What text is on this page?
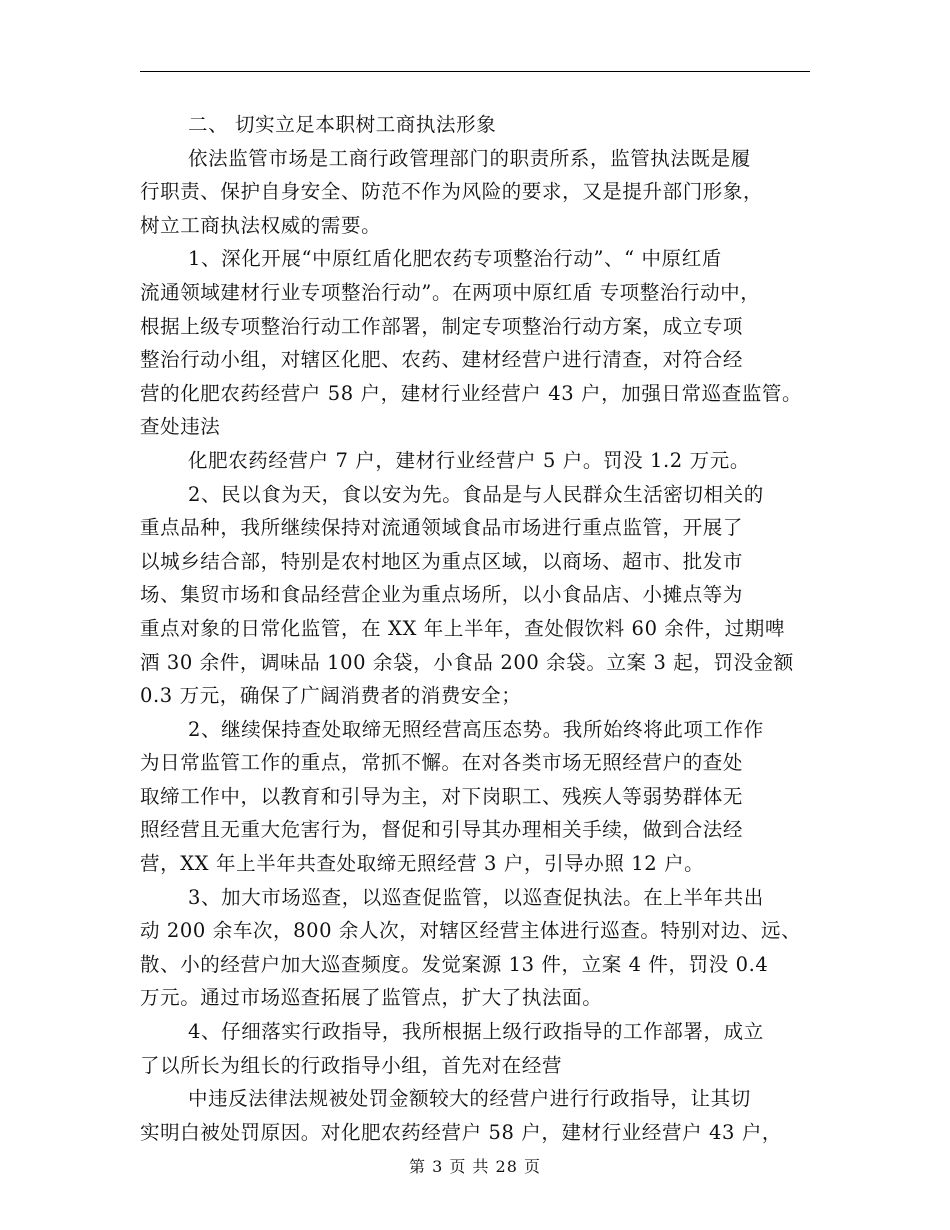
二、 切实立足本职树工商执法形象
依法监管市场是工商行政管理部门的职责所系，监管执法既是履
行职责、保护自身安全、防范不作为风险的要求，又是提升部门形象，
树立工商执法权威的需要。
1、深化开展“中原红盾化肥农药专项整治行动”、“ 中原红盾
流通领域建材行业专项整治行动”。在两项中原红盾 专项整治行动中，
根据上级专项整治行动工作部署，制定专项整治行动方案，成立专项
整治行动小组，对辖区化肥、农药、建材经营户进行清查，对符合经
营的化肥农药经营户 58 户，建材行业经营户 43 户，加强日常巡查监管。
查处违法
化肥农药经营户 7 户，建材行业经营户 5 户。罚没 1.2 万元。
2、民以食为天，食以安为先。食品是与人民群众生活密切相关的
重点品种，我所继续保持对流通领域食品市场进行重点监管，开展了
以城乡结合部，特别是农村地区为重点区域，以商场、超市、批发市
场、集贸市场和食品经营企业为重点场所，以小食品店、小摊点等为
重点对象的日常化监管，在 XX 年上半年，查处假饮料 60 余件，过期啤
酒 30 余件，调味品 100 余袋，小食品 200 余袋。立案 3 起，罚没金额
0.3 万元，确保了广阔消费者的消费安全；
2、继续保持查处取缔无照经营高压态势。我所始终将此项工作作
为日常监管工作的重点，常抓不懈。在对各类市场无照经营户的查处
取缔工作中，以教育和引导为主，对下岗职工、残疾人等弱势群体无
照经营且无重大危害行为，督促和引导其办理相关手续，做到合法经
营，XX 年上半年共查处取缔无照经营 3 户，引导办照 12 户。
3、加大市场巡查，以巡查促监管，以巡查促执法。在上半年共出
动 200 余车次，800 余人次，对辖区经营主体进行巡查。特别对边、远、
散、小的经营户加大巡查频度。发觉案源 13 件，立案 4 件，罚没 0.4
万元。通过市场巡查拓展了监管点，扩大了执法面。
4、仔细落实行政指导，我所根据上级行政指导的工作部署，成立
了以所长为组长的行政指导小组，首先对在经营
中违反法律法规被处罚金额较大的经营户进行行政指导，让其切
实明白被处罚原因。对化肥农药经营户 58 户，建材行业经营户 43 户，
第 3 页 共 28 页
